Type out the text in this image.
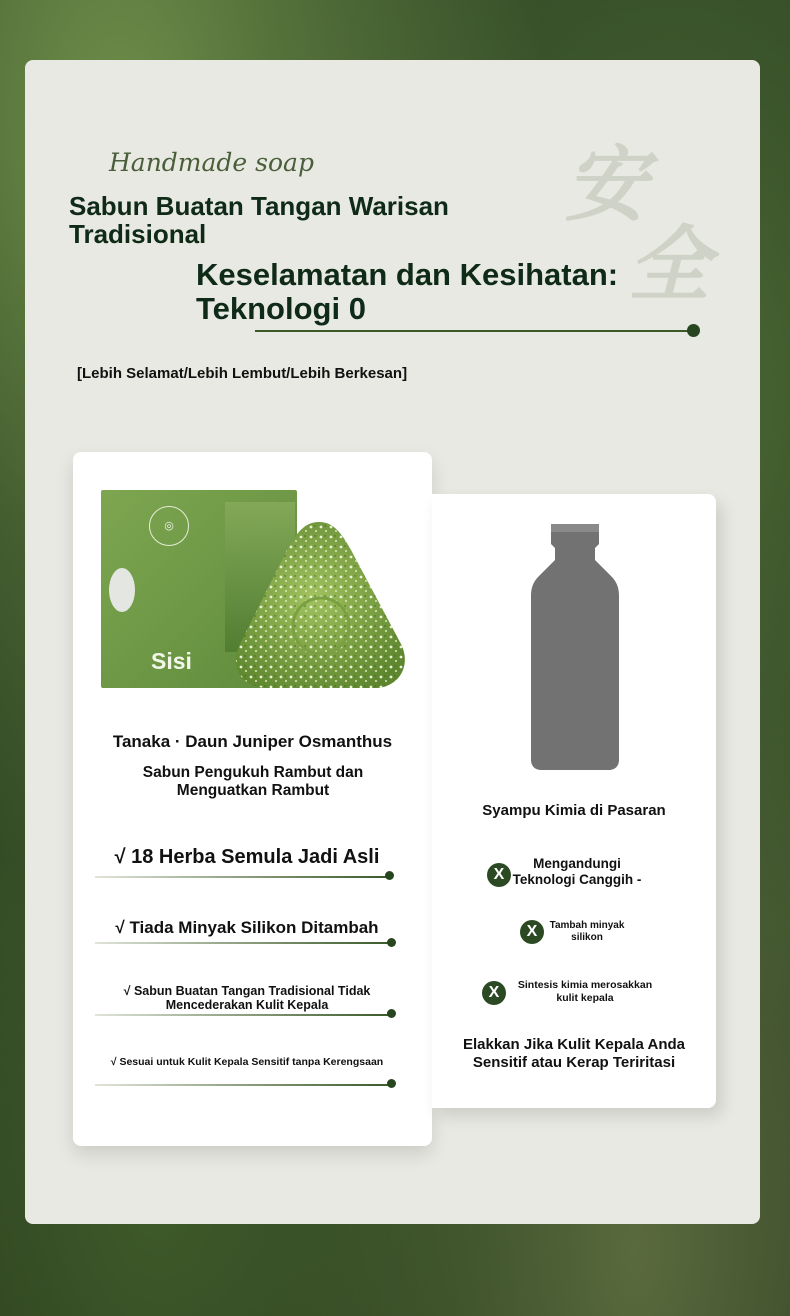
安
全
Handmade soap
Sabun Buatan Tangan Warisan Tradisional
Keselamatan dan Kesihatan: Teknologi 0
[Lebih Selamat/Lebih Lembut/Lebih Berkesan]
◎
Sisi
Tanaka · Daun Juniper Osmanthus
Sabun Pengukuh Rambut dan Menguatkan Rambut
√ 18 Herba Semula Jadi Asli
√ Tiada Minyak Silikon Ditambah
√ Sabun Buatan Tangan Tradisional Tidak Mencederakan Kulit Kepala
√ Sesuai untuk Kulit Kepala Sensitif tanpa Kerengsaan
Syampu Kimia di Pasaran
X
Mengandungi Teknologi Canggih -
X	Tambah minyak silikon
X	Sintesis kimia merosakkan kulit kepala
Elakkan Jika Kulit Kepala Anda Sensitif atau Kerap Teriritasi
